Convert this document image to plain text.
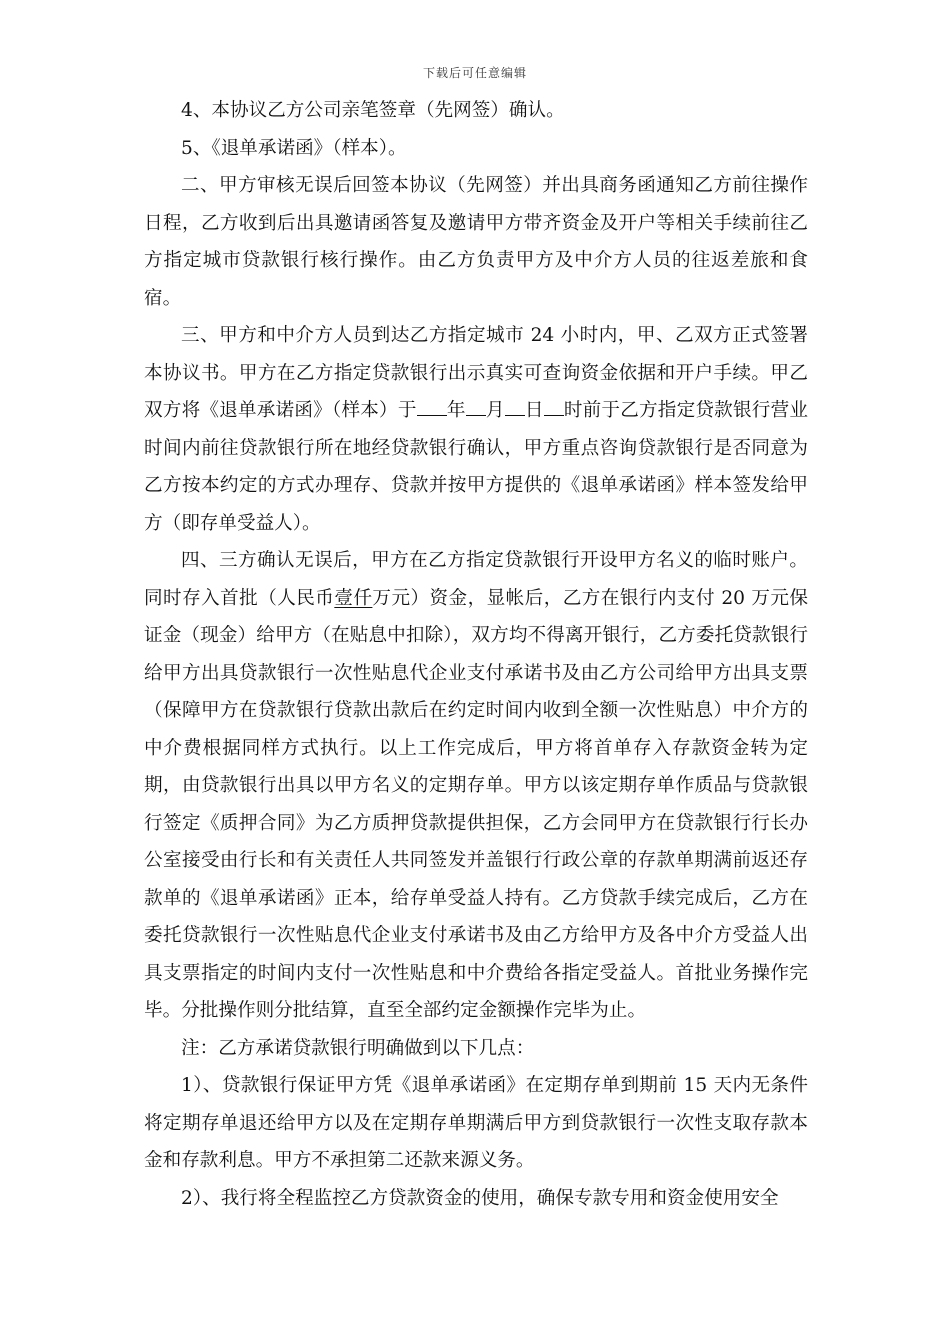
下载后可任意编辑

4、本协议乙方公司亲笔签章（先网签）确认。

5、《退单承诺函》（样本）。

二、甲方审核无误后回签本协议（先网签）并出具商务函通知乙方前往操作日程，乙方收到后出具邀请函答复及邀请甲方带齐资金及开户等相关手续前往乙方指定城市贷款银行核行操作。由乙方负责甲方及中介方人员的往返差旅和食宿。

三、甲方和中介方人员到达乙方指定城市 24 小时内，甲、乙双方正式签署本协议书。甲方在乙方指定贷款银行出示真实可查询资金依据和开户手续。甲乙双方将《退单承诺函》（样本）于 年 月 日 时前于乙方指定贷款银行营业时间内前往贷款银行所在地经贷款银行确认，甲方重点咨询贷款银行是否同意为乙方按本约定的方式办理存、贷款并按甲方提供的《退单承诺函》样本签发给甲方（即存单受益人）。

四、三方确认无误后，甲方在乙方指定贷款银行开设甲方名义的临时账户。同时存入首批（人民币壹仟万元）资金，显帐后，乙方在银行内支付 20 万元保证金（现金）给甲方（在贴息中扣除），双方均不得离开银行，乙方委托贷款银行给甲方出具贷款银行一次性贴息代企业支付承诺书及由乙方公司给甲方出具支票（保障甲方在贷款银行贷款出款后在约定时间内收到全额一次性贴息）中介方的中介费根据同样方式执行。以上工作完成后，甲方将首单存入存款资金转为定期，由贷款银行出具以甲方名义的定期存单。甲方以该定期存单作质品与贷款银行签定《质押合同》为乙方质押贷款提供担保，乙方会同甲方在贷款银行行长办公室接受由行长和有关责任人共同签发并盖银行行政公章的存款单期满前返还存款单的《退单承诺函》正本，给存单受益人持有。乙方贷款手续完成后，乙方在委托贷款银行一次性贴息代企业支付承诺书及由乙方给甲方及各中介方受益人出具支票指定的时间内支付一次性贴息和中介费给各指定受益人。首批业务操作完毕。分批操作则分批结算，直至全部约定金额操作完毕为止。

注：乙方承诺贷款银行明确做到以下几点：

1）、贷款银行保证甲方凭《退单承诺函》在定期存单到期前 15 天内无条件将定期存单退还给甲方以及在定期存单期满后甲方到贷款银行一次性支取存款本金和存款利息。甲方不承担第二还款来源义务。

2）、我行将全程监控乙方贷款资金的使用，确保专款专用和资金使用安全
